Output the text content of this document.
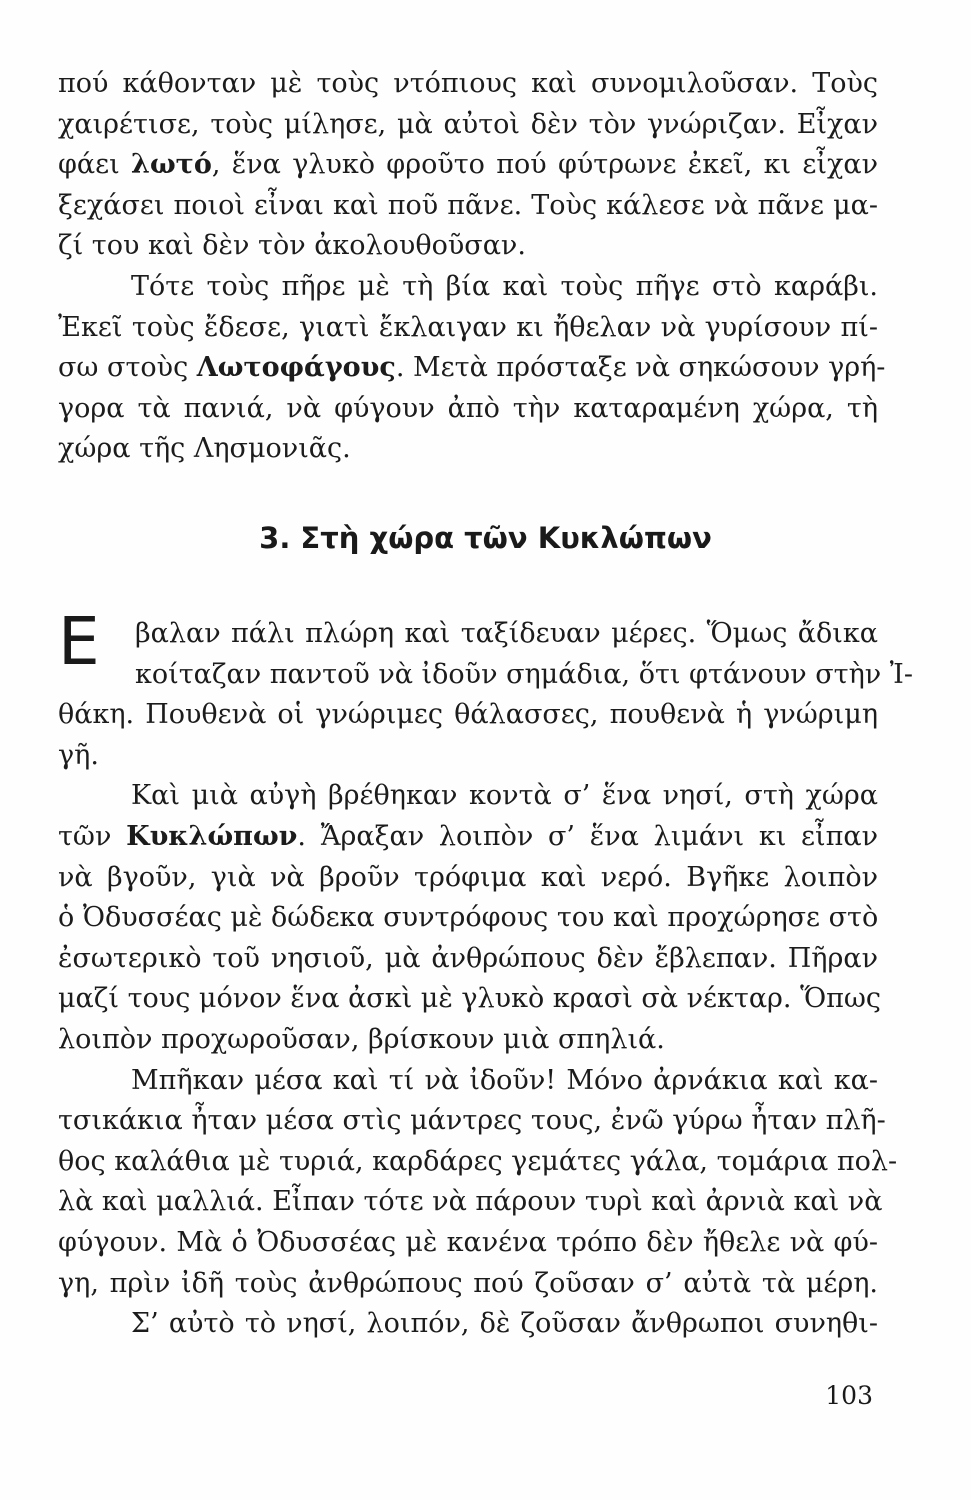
πού κάθονταν μὲ τοὺς ντόπιους καὶ συνομιλοῦσαν. Τοὺς
χαιρέτισε, τοὺς μίλησε, μὰ αὐτοὶ δὲν τὸν γνώριζαν. Εἶχαν
φάει λωτό, ἕνα γλυκὸ φροῦτο πού φύτρωνε ἐκεῖ, κι εἶχαν
ξεχάσει ποιοὶ εἶναι καὶ ποῦ πᾶνε. Τοὺς κάλεσε νὰ πᾶνε μα-
ζί του καὶ δὲν τὸν ἀκολουθοῦσαν.
Τότε τοὺς πῆρε μὲ τὴ βία καὶ τοὺς πῆγε στὸ καράβι.
Ἐκεῖ τοὺς ἔδεσε, γιατὶ ἔκλαιγαν κι ἤθελαν νὰ γυρίσουν πί-
σω στοὺς Λωτοφάγους. Μετὰ πρόσταξε νὰ σηκώσουν γρή-
γορα τὰ πανιά, νὰ φύγουν ἀπὸ τὴν καταραμένη χώρα, τὴ
χώρα τῆς Λησμονιᾶς.
3. Στὴ χώρα τῶν Κυκλώπων
Ε	βαλαν πάλι πλώρη καὶ ταξίδευαν μέρες. Ὅμως ἄδικα
κοίταζαν παντοῦ νὰ ἰδοῦν σημάδια, ὅτι φτάνουν στὴν Ἰ-
θάκη. Πουθενὰ οἱ γνώριμες θάλασσες, πουθενὰ ἡ γνώριμη
γῆ.
Καὶ μιὰ αὐγὴ βρέθηκαν κοντὰ σ’ ἕνα νησί, στὴ χώρα
τῶν Κυκλώπων. Ἄραξαν λοιπὸν σ’ ἕνα λιμάνι κι εἶπαν
νὰ βγοῦν, γιὰ νὰ βροῦν τρόφιμα καὶ νερό. Βγῆκε λοιπὸν
ὁ Ὀδυσσέας μὲ δώδεκα συντρόφους του καὶ προχώρησε στὸ
ἐσωτερικὸ τοῦ νησιοῦ, μὰ ἀνθρώπους δὲν ἔβλεπαν. Πῆραν
μαζί τους μόνον ἕνα ἀσκὶ μὲ γλυκὸ κρασὶ σὰ νέκταρ. Ὅπως
λοιπὸν προχωροῦσαν, βρίσκουν μιὰ σπηλιά.
Μπῆκαν μέσα καὶ τί νὰ ἰδοῦν! Μόνο ἀρνάκια καὶ κα-
τσικάκια ἦταν μέσα στὶς μάντρες τους, ἐνῶ γύρω ἦταν πλῆ-
θος καλάθια μὲ τυριά, καρδάρες γεμάτες γάλα, τομάρια πολ-
λὰ καὶ μαλλιά. Εἶπαν τότε νὰ πάρουν τυρὶ καὶ ἀρνιὰ καὶ νὰ
φύγουν. Μὰ ὁ Ὀδυσσέας μὲ κανένα τρόπο δὲν ἤθελε νὰ φύ-
γη, πρὶν ἰδῆ τοὺς ἀνθρώπους πού ζοῦσαν σ’ αὐτὰ τὰ μέρη.
Σ’ αὐτὸ τὸ νησί, λοιπόν, δὲ ζοῦσαν ἄνθρωποι συνηθι-
103
